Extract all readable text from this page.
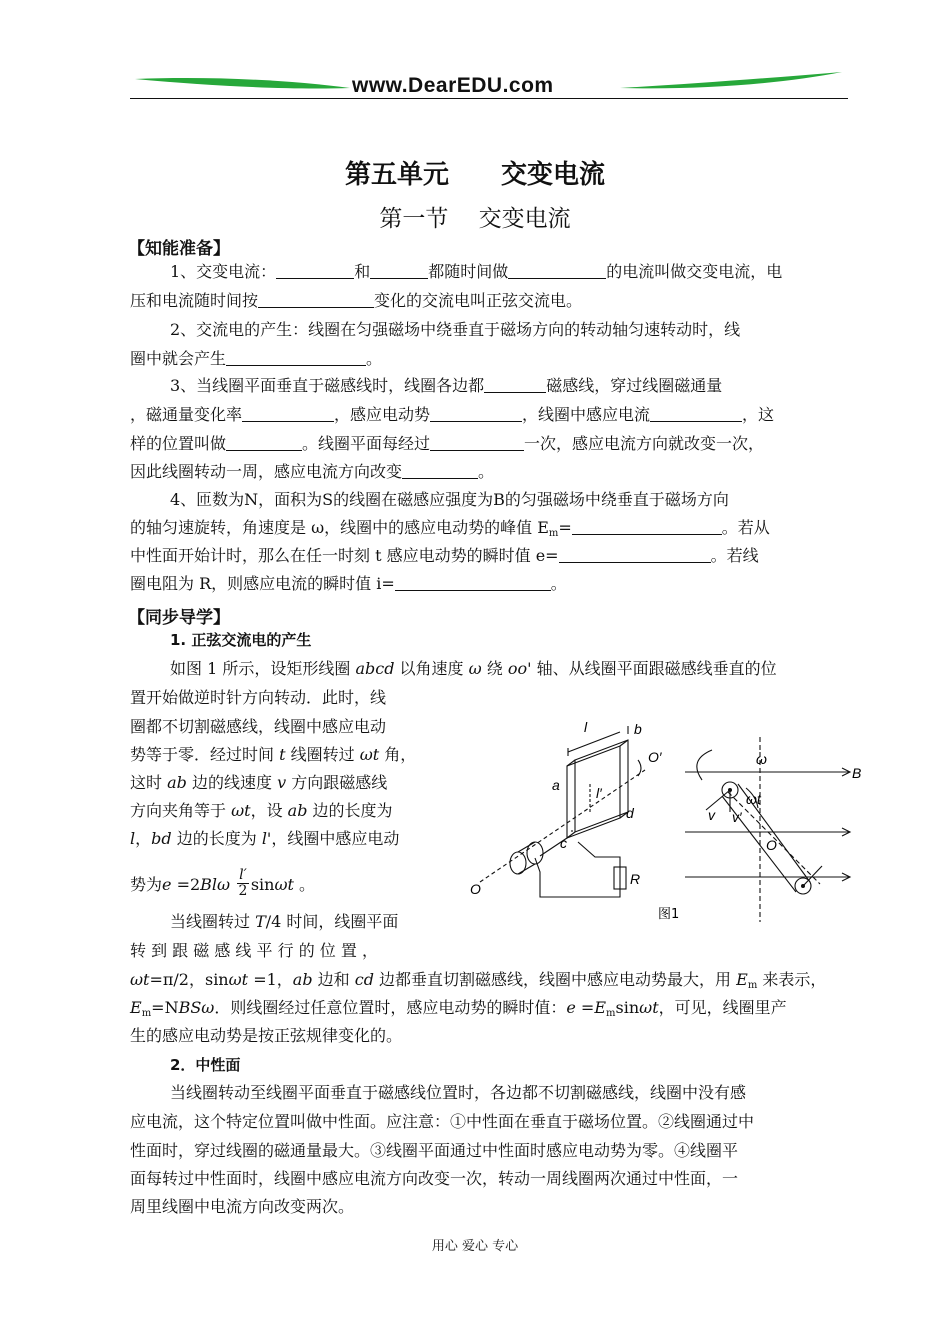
www.DearEDU.com
第五单元　　交变电流
第一节　 交变电流
【知能准备】
1、交变电流：	和	都随时间做	的电流叫做交变电流，电
压和电流随时间按	变化的交流电叫正弦交流电。
2、交流电的产生：线圈在匀强磁场中绕垂直于磁场方向的转动轴匀速转动时，线
圈中就会产生	。
3、当线圈平面垂直于磁感线时，线圈各边都	磁感线，穿过线圈磁通量
，磁通量变化率	，感应电动势	，线圈中感应电流	，这
样的位置叫做	。线圈平面每经过	一次，感应电流方向就改变一次，
因此线圈转动一周，感应电流方向改变	。
4、匝数为N，面积为S的线圈在磁感应强度为B的匀强磁场中绕垂直于磁场方向
的轴匀速旋转，角速度是 ω，线圈中的感应电动势的峰值 $E_m=$	。若从
中性面开始计时，那么在任一时刻 t 感应电动势的瞬时值 e=	。若线
圈电阻为 R，则感应电流的瞬时值 i=	。
【同步导学】
1. 正弦交流电的产生
如图 1 所示，设矩形线圈 abcd 以角速度 ω 绕 oo' 轴、从线圈平面跟磁感线垂直的位
置开始做逆时针方向转动．此时，线
圈都不切割磁感线，线圈中感应电动
势等于零．经过时间 t 线圈转过 ωt 角，
这时 ab 边的线速度 v 方向跟磁感线
方向夹角等于 ωt，设 ab 边的长度为
l，bd 边的长度为 l'，线圈中感应电动
势为$e =2Bl\omega \frac{l'}{2}$ sinωt 。
当线圈转过 T/4 时间，线圈平面
转 到 跟 磁 感 线 平 行 的 位 置 ，
ωt=π/2，sinωt =1，ab 边和 cd 边都垂直切割磁感线，线圈中感应电动势最大，用 $E_m$ 来表示，
$E_m=NBS\omega$．则线圈经过任意位置时，感应电动势的瞬时值：$e =E_m\sin\omega t$，可见，线圈里产
生的感应电动势是按正弦规律变化的。
2．中性面
当线圈转动至线圈平面垂直于磁感线位置时，各边都不切割磁感线，线圈中没有感
应电流，这个特定位置叫做中性面。应注意：①中性面在垂直于磁场位置。②线圈通过中
性面时，穿过线圈的磁通量最大。③线圈平面通过中性面时感应电动势为零。④线圈平
面每转过中性面时，线圈中感应电流方向改变一次，转动一周线圈两次通过中性面，一
周里线圈中电流方向改变两次。
l	b
O′
a	l′
d
c
O
R
ω
B
v v′
ωt
O
图1
用心 爱心 专心
